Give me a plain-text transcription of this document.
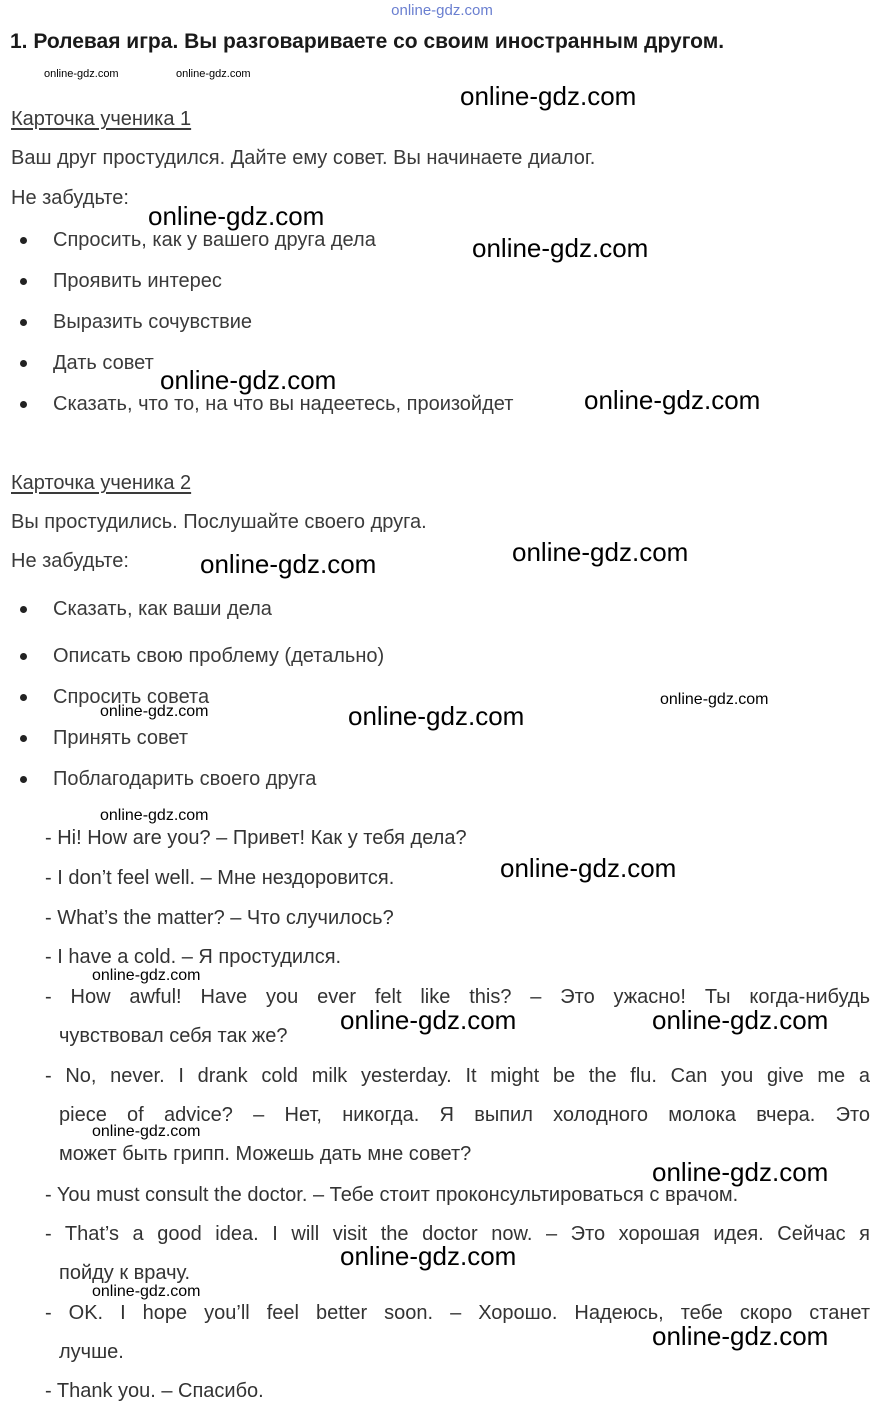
online-gdz.com
1. Ролевая игра. Вы разговариваете со своим иностранным другом.
Карточка ученика 1
Ваш друг простудился. Дайте ему совет. Вы начинаете диалог.
Не забудьте:
Спросить, как у вашего друга дела
Проявить интерес
Выразить сочувствие
Дать совет
Сказать, что то, на что вы надеетесь, произойдет
Карточка ученика 2
Вы простудились. Послушайте своего друга.
Не забудьте:
Сказать, как ваши дела
Описать свою проблему (детально)
Спросить совета
Принять совет
Поблагодарить своего друга
- Hi! How are you? – Привет! Как у тебя дела?
- I don’t feel well. – Мне нездоровится.
- What’s the matter? – Что случилось?
- I have a cold. – Я простудился.
- How awful! Have you ever felt like this? – Это ужасно! Ты когда-нибудь
чувствовал себя так же?
- No, never. I drank cold milk yesterday. It might be the flu. Can you give me a
piece of advice? – Нет, никогда. Я выпил холодного молока вчера. Это
может быть грипп. Можешь дать мне совет?
- You must consult the doctor. – Тебе стоит проконсультироваться с врачом.
- That’s a good idea. I will visit the doctor now. – Это хорошая идея. Сейчас я
пойду к врачу.
- OK. I hope you’ll feel better soon. – Хорошо. Надеюсь, тебе скоро станет
лучше.
- Thank you. – Спасибо.
online-gdz.com	online-gdz.com
online-gdz.com
online-gdz.com
online-gdz.com
online-gdz.com
online-gdz.com
online-gdz.com
online-gdz.com
online-gdz.com
online-gdz.com	online-gdz.com
online-gdz.com
online-gdz.com
online-gdz.com
online-gdz.com	online-gdz.com
online-gdz.com
online-gdz.com
online-gdz.com
online-gdz.com
online-gdz.com
